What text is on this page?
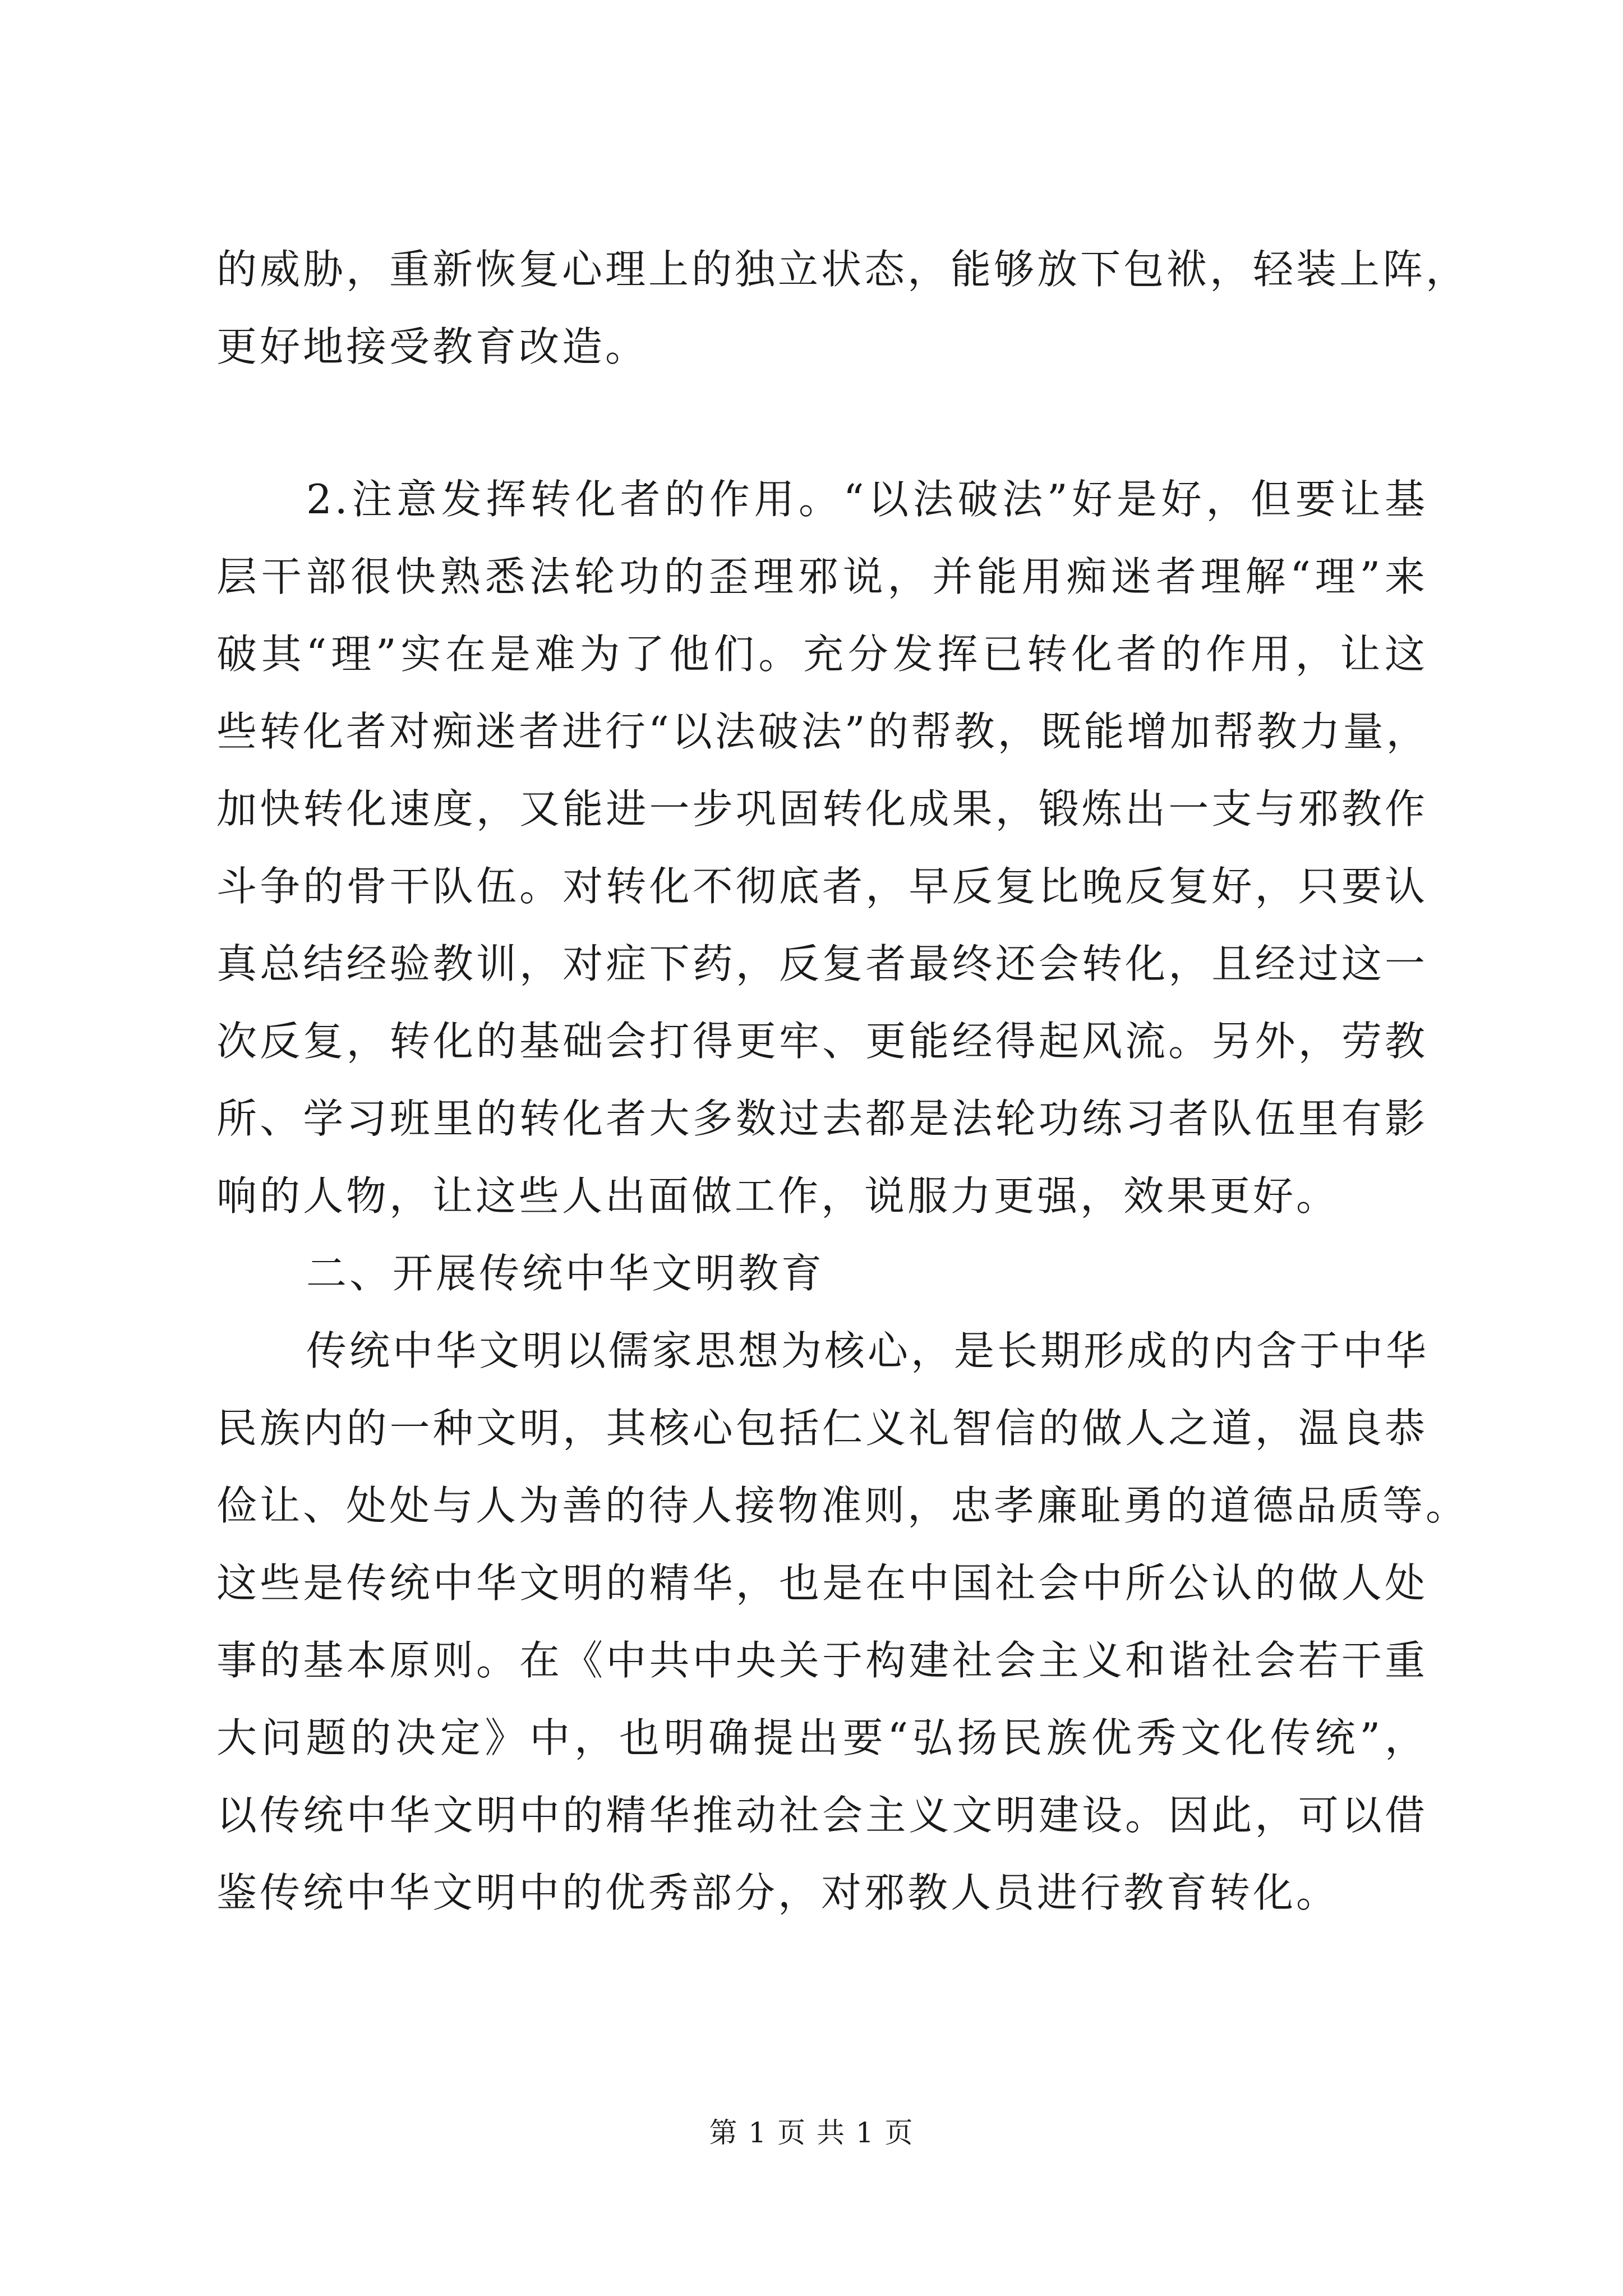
的威胁，重新恢复心理上的独立状态，能够放下包袱，轻装上阵，
更好地接受教育改造。
2.注意发挥转化者的作用。“以法破法”好是好，但要让基
层干部很快熟悉法轮功的歪理邪说，并能用痴迷者理解“理”来
破其“理”实在是难为了他们。充分发挥已转化者的作用，让这
些转化者对痴迷者进行“以法破法”的帮教，既能增加帮教力量，
加快转化速度，又能进一步巩固转化成果，锻炼出一支与邪教作
斗争的骨干队伍。对转化不彻底者，早反复比晚反复好，只要认
真总结经验教训，对症下药，反复者最终还会转化，且经过这一
次反复，转化的基础会打得更牢、更能经得起风流。另外，劳教
所、学习班里的转化者大多数过去都是法轮功练习者队伍里有影
响的人物，让这些人出面做工作，说服力更强，效果更好。
二、开展传统中华文明教育
传统中华文明以儒家思想为核心，是长期形成的内含于中华
民族内的一种文明，其核心包括仁义礼智信的做人之道，温良恭
俭让、处处与人为善的待人接物准则，忠孝廉耻勇的道德品质等。
这些是传统中华文明的精华，也是在中国社会中所公认的做人处
事的基本原则。在《中共中央关于构建社会主义和谐社会若干重
大问题的决定》中，也明确提出要“弘扬民族优秀文化传统”，
以传统中华文明中的精华推动社会主义文明建设。因此，可以借
鉴传统中华文明中的优秀部分，对邪教人员进行教育转化。
第 1 页 共 1 页
